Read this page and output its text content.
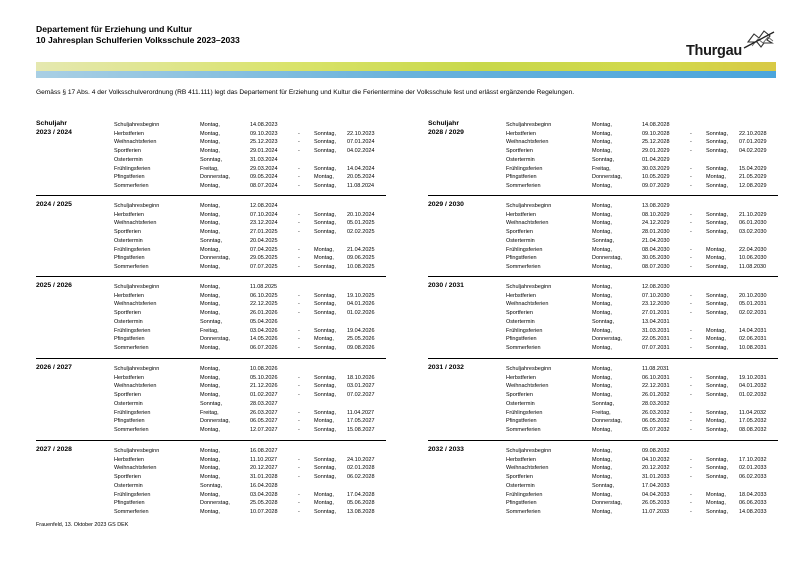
Departement für Erziehung und Kultur
10 Jahresplan Schulferien Volksschule 2023–2033
Thurgau
Gemäss § 17 Abs. 4 der Volksschulverordnung (RB 411.111) legt das Departement für Erziehung und Kultur die Ferientermine der Volksschule fest und erlässt ergänzende Regelungen.
Schuljahr
2023 / 2024
Schuljahresbeginn	Montag,	14.08.2023
Herbstferien	Montag,	09.10.2023	-	Sonntag, 22.10.2023
Weihnachtsferien	Montag,	25.12.2023	-	Sonntag, 07.01.2024
Sportferien	Montag,	29.01.2024	-	Sonntag, 04.02.2024
Ostertermin	Sonntag,	31.03.2024
Frühlingsferien	Freitag,	29.03.2024	-	Sonntag, 14.04.2024
Pfingstferien	Donnerstag,	09.05.2024	-	Montag, 20.05.2024
Sommerferien	Montag,	08.07.2024	-	Sonntag, 11.08.2024
2024 / 2025	Schuljahresbeginn	Montag,	12.08.2024
Herbstferien	Montag,	07.10.2024	-	Sonntag, 20.10.2024
Weihnachtsferien	Montag,	23.12.2024	-	Sonntag, 05.01.2025
Sportferien	Montag,	27.01.2025	-	Sonntag, 02.02.2025
Ostertermin	Sonntag,	20.04.2025
Frühlingsferien	Montag,	07.04.2025	-	Montag, 21.04.2025
Pfingstferien	Donnerstag,	29.05.2025	-	Montag, 09.06.2025
Sommerferien	Montag,	07.07.2025	-	Sonntag, 10.08.2025
2025 / 2026	Schuljahresbeginn	Montag,	11.08.2025
Herbstferien	Montag,	06.10.2025	-	Sonntag, 19.10.2025
Weihnachtsferien	Montag,	22.12.2025	-	Sonntag, 04.01.2026
Sportferien	Montag,	26.01.2026	-	Sonntag, 01.02.2026
Ostertermin	Sonntag,	05.04.2026
Frühlingsferien	Freitag,	03.04.2026	-	Sonntag, 19.04.2026
Pfingstferien	Donnerstag,	14.05.2026	-	Montag, 25.05.2026
Sommerferien	Montag,	06.07.2026	-	Sonntag, 09.08.2026
2026 / 2027	Schuljahresbeginn	Montag,	10.08.2026
Herbstferien	Montag,	05.10.2026	-	Sonntag, 18.10.2026
Weihnachtsferien	Montag,	21.12.2026	-	Sonntag, 03.01.2027
Sportferien	Montag,	01.02.2027	-	Sonntag, 07.02.2027
Ostertermin	Sonntag,	28.03.2027
Frühlingsferien	Freitag,	26.03.2027	-	Sonntag, 11.04.2027
Pfingstferien	Donnerstag,	06.05.2027	-	Montag, 17.05.2027
Sommerferien	Montag,	12.07.2027	-	Sonntag, 15.08.2027
2027 / 2028	Schuljahresbeginn	Montag,	16.08.2027
Herbstferien	Montag,	11.10.2027	-	Sonntag, 24.10.2027
Weihnachtsferien	Montag,	20.12.2027	-	Sonntag, 02.01.2028
Sportferien	Montag,	31.01.2028	-	Sonntag, 06.02.2028
Ostertermin	Sonntag,	16.04.2028
Frühlingsferien	Montag,	03.04.2028	-	Montag, 17.04.2028
Pfingstferien	Donnerstag,	25.05.2028	-	Montag, 05.06.2028
Sommerferien	Montag,	10.07.2028	-	Sonntag, 13.08.2028
Schuljahr
2028 / 2029
Schuljahresbeginn	Montag,	14.08.2028
Herbstferien	Montag,	09.10.2028	-	Sonntag, 22.10.2028
Weihnachtsferien	Montag,	25.12.2028	-	Sonntag, 07.01.2029
Sportferien	Montag,	29.01.2029	-	Sonntag, 04.02.2029
Ostertermin	Sonntag,	01.04.2029
Frühlingsferien	Freitag,	30.03.2029	-	Sonntag, 15.04.2029
Pfingstferien	Donnerstag,	10.05.2029	-	Montag, 21.05.2029
Sommerferien	Montag,	09.07.2029	-	Sonntag, 12.08.2029
2029 / 2030	Schuljahresbeginn	Montag,	13.08.2029
Herbstferien	Montag,	08.10.2029	-	Sonntag, 21.10.2029
Weihnachtsferien	Montag,	24.12.2029	-	Sonntag, 06.01.2030
Sportferien	Montag,	28.01.2030	-	Sonntag, 03.02.2030
Ostertermin	Sonntag,	21.04.2030
Frühlingsferien	Montag,	08.04.2030	-	Montag, 22.04.2030
Pfingstferien	Donnerstag,	30.05.2030	-	Montag, 10.06.2030
Sommerferien	Montag,	08.07.2030	-	Sonntag, 11.08.2030
2030 / 2031	Schuljahresbeginn	Montag,	12.08.2030
Herbstferien	Montag,	07.10.2030	-	Sonntag, 20.10.2030
Weihnachtsferien	Montag,	23.12.2030	-	Sonntag, 05.01.2031
Sportferien	Montag,	27.01.2031	-	Sonntag, 02.02.2031
Ostertermin	Sonntag,	13.04.2031
Frühlingsferien	Montag,	31.03.2031	-	Montag, 14.04.2031
Pfingstferien	Donnerstag,	22.05.2031	-	Montag, 02.06.2031
Sommerferien	Montag,	07.07.2031	-	Sonntag, 10.08.2031
2031 / 2032	Schuljahresbeginn	Montag,	11.08.2031
Herbstferien	Montag,	06.10.2031	-	Sonntag, 19.10.2031
Weihnachtsferien	Montag,	22.12.2031	-	Sonntag, 04.01.2032
Sportferien	Montag,	26.01.2032	-	Sonntag, 01.02.2032
Ostertermin	Sonntag,	28.03.2032
Frühlingsferien	Freitag,	26.03.2032	-	Sonntag, 11.04.2032
Pfingstferien	Donnerstag,	06.05.2032	-	Montag, 17.05.2032
Sommerferien	Montag,	05.07.2032	-	Sonntag, 08.08.2032
2032 / 2033	Schuljahresbeginn	Montag,	09.08.2032
Herbstferien	Montag,	04.10.2032	-	Sonntag, 17.10.2032
Weihnachtsferien	Montag,	20.12.2032	-	Sonntag, 02.01.2033
Sportferien	Montag,	31.01.2033	-	Sonntag, 06.02.2033
Ostertermin	Sonntag,	17.04.2033
Frühlingsferien	Montag,	04.04.2033	-	Montag, 18.04.2033
Pfingstferien	Donnerstag,	26.05.2033	-	Montag, 06.06.2033
Sommerferien	Montag,	11.07.2033	-	Sonntag, 14.08.2033
Frauenfeld, 13. Oktober 2023 GS DEK
